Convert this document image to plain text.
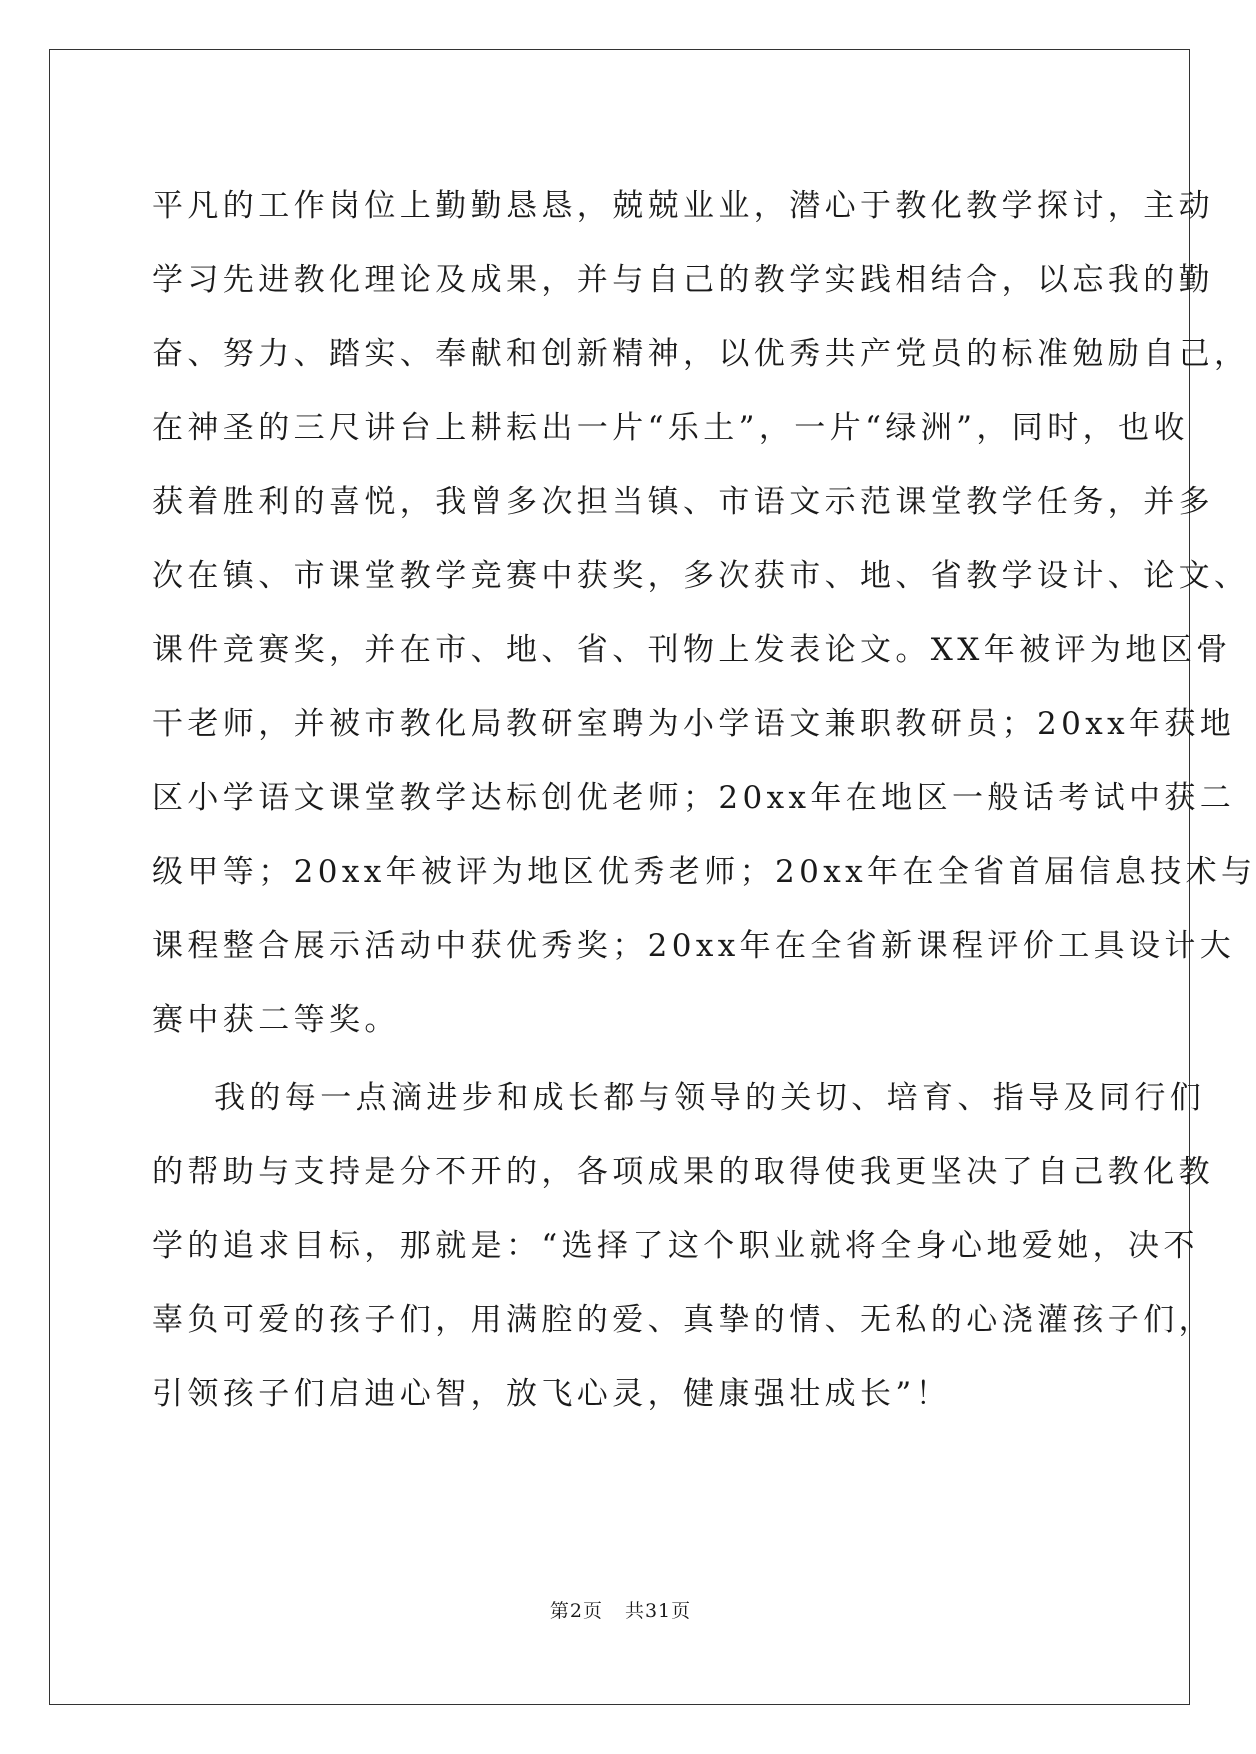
平凡的工作岗位上勤勤恳恳，兢兢业业，潜心于教化教学探讨，主动
学习先进教化理论及成果，并与自己的教学实践相结合，以忘我的勤
奋、努力、踏实、奉献和创新精神，以优秀共产党员的标准勉励自己，
在神圣的三尺讲台上耕耘出一片“乐土”，一片“绿洲”，同时，也收
获着胜利的喜悦，我曾多次担当镇、市语文示范课堂教学任务，并多
次在镇、市课堂教学竞赛中获奖，多次获市、地、省教学设计、论文、
课件竞赛奖，并在市、地、省、刊物上发表论文。XX年被评为地区骨
干老师，并被市教化局教研室聘为小学语文兼职教研员；20xx年获地
区小学语文课堂教学达标创优老师；20xx年在地区一般话考试中获二
级甲等；20xx年被评为地区优秀老师；20xx年在全省首届信息技术与
课程整合展示活动中获优秀奖；20xx年在全省新课程评价工具设计大
赛中获二等奖。
我的每一点滴进步和成长都与领导的关切、培育、指导及同行们
的帮助与支持是分不开的，各项成果的取得使我更坚决了自己教化教
学的追求目标，那就是：“选择了这个职业就将全身心地爱她，决不
辜负可爱的孩子们，用满腔的爱、真挚的情、无私的心浇灌孩子们，
引领孩子们启迪心智，放飞心灵，健康强壮成长”！
第2页 共31页
